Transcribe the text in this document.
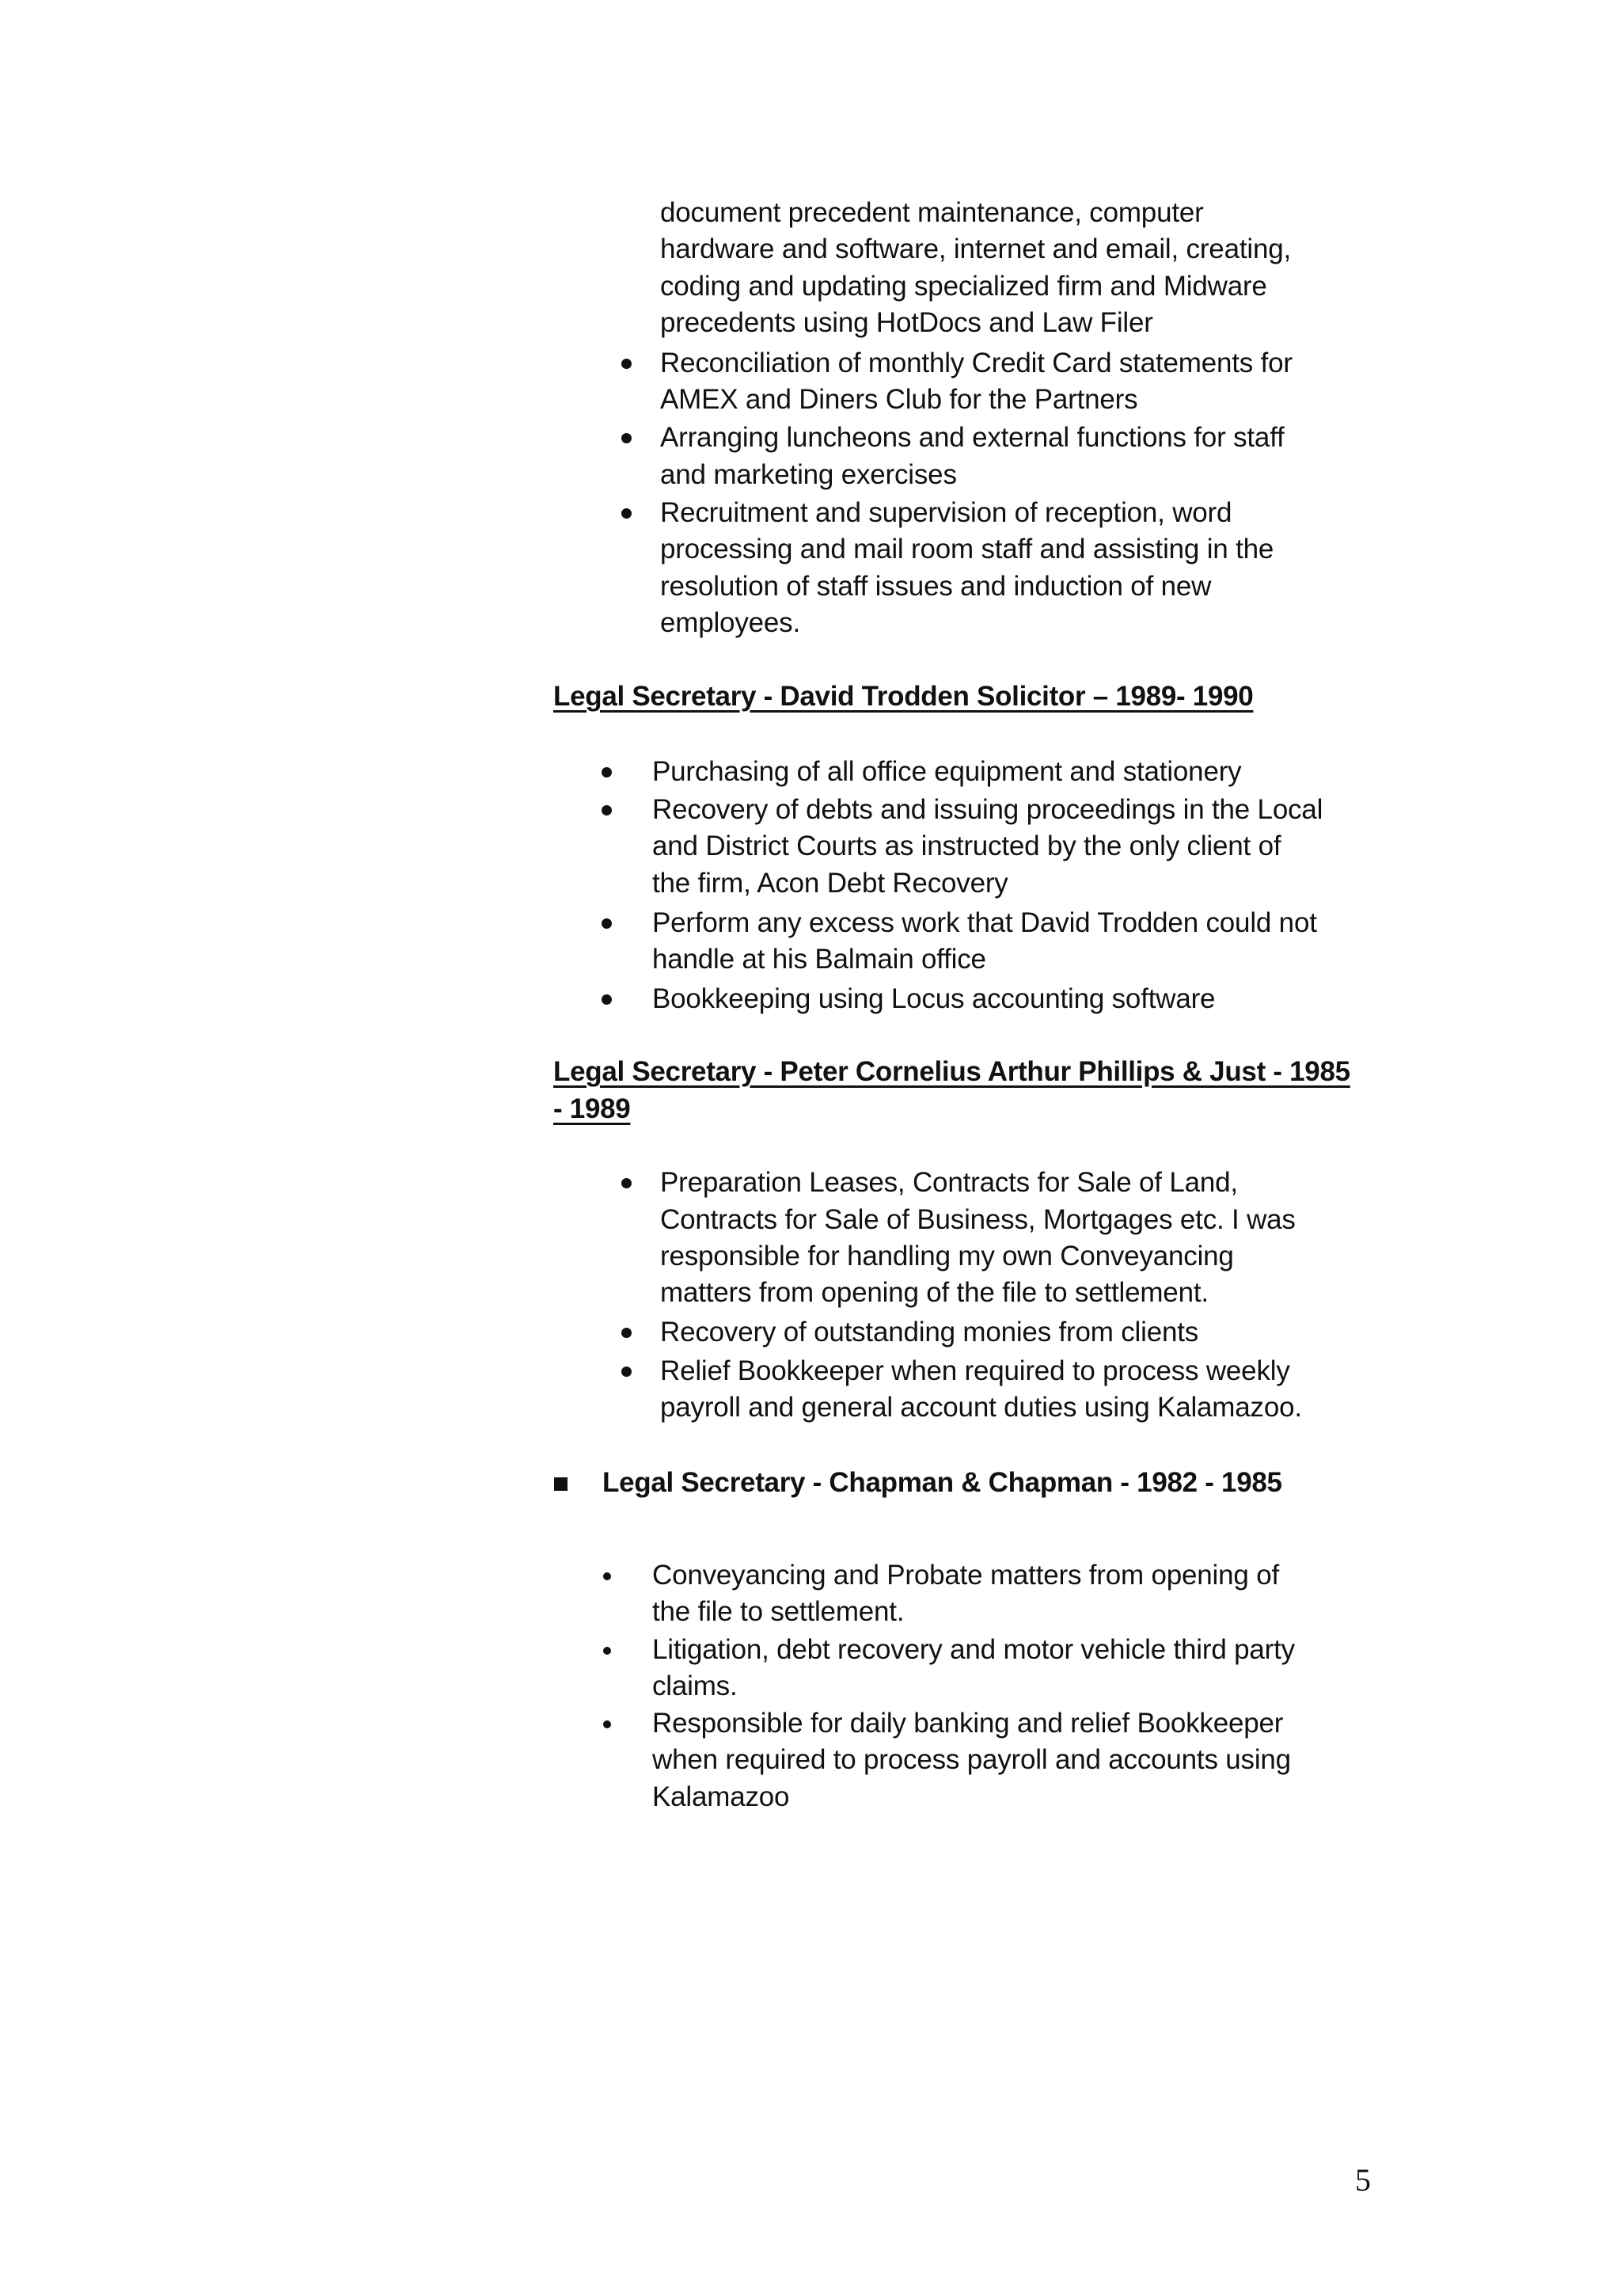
document precedent maintenance, computer
hardware and software, internet and email, creating,
coding and updating specialized firm and Midware
precedents using HotDocs and Law Filer
Reconciliation of monthly Credit Card statements for
AMEX and Diners Club for the Partners
Arranging luncheons and external functions for staff
and marketing exercises
Recruitment and supervision of reception, word
processing and mail room staff and assisting in the
resolution of staff issues and induction of new
employees.
Legal Secretary - David Trodden Solicitor – 1989- 1990
Purchasing of all office equipment and stationery
Recovery of debts and issuing proceedings in the Local
and District Courts as instructed by the only client of
the firm, Acon Debt Recovery
Perform any excess work that David Trodden could not
handle at his Balmain office
Bookkeeping using Locus accounting software
Legal Secretary - Peter Cornelius Arthur Phillips & Just - 1985
- 1989
Preparation Leases, Contracts for Sale of Land,
Contracts for Sale of Business, Mortgages etc. I was
responsible for handling my own Conveyancing
matters from opening of the file to settlement.
Recovery of outstanding monies from clients
Relief Bookkeeper when required to process weekly
payroll and general account duties using Kalamazoo.
Legal Secretary - Chapman & Chapman - 1982 - 1985
Conveyancing and Probate matters from opening of
the file to settlement.
Litigation, debt recovery and motor vehicle third party
claims.
Responsible for daily banking and relief Bookkeeper
when required to process payroll and accounts using
Kalamazoo
5
